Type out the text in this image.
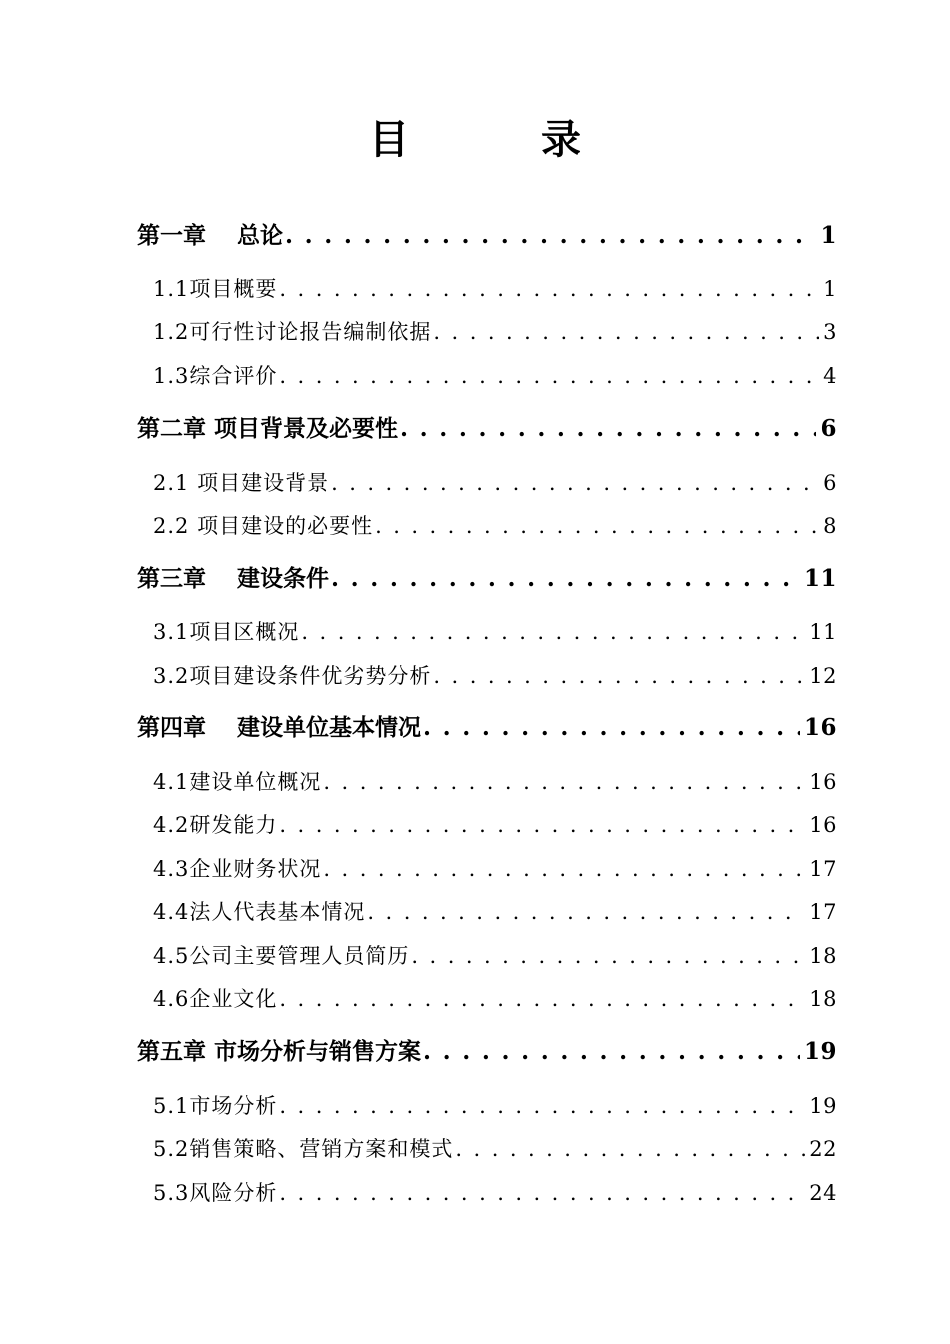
目　录
第一章　 总论 . . .	1
1.1项目概要 . . .	1
1.2可行性讨论报告编制依据 . . .	3
1.3综合评价 . . .	4
第二章 项目背景及必要性 . . .	6
2.1 项目建设背景 . . .	6
2.2 项目建设的必要性 . . .	8
第三章　 建设条件 . . .	11
3.1项目区概况 . . .	11
3.2项目建设条件优劣势分析 . . .	12
第四章　 建设单位基本情况 . . .	16
4.1建设单位概况 . . .	16
4.2研发能力 . . .	16
4.3企业财务状况 . . .	17
4.4法人代表基本情况 . . .	17
4.5公司主要管理人员简历 . . .	18
4.6企业文化 . . .	18
第五章 市场分析与销售方案 . . .	19
5.1市场分析 . . .	19
5.2销售策略、营销方案和模式 . . .	22
5.3风险分析 . . .	24
